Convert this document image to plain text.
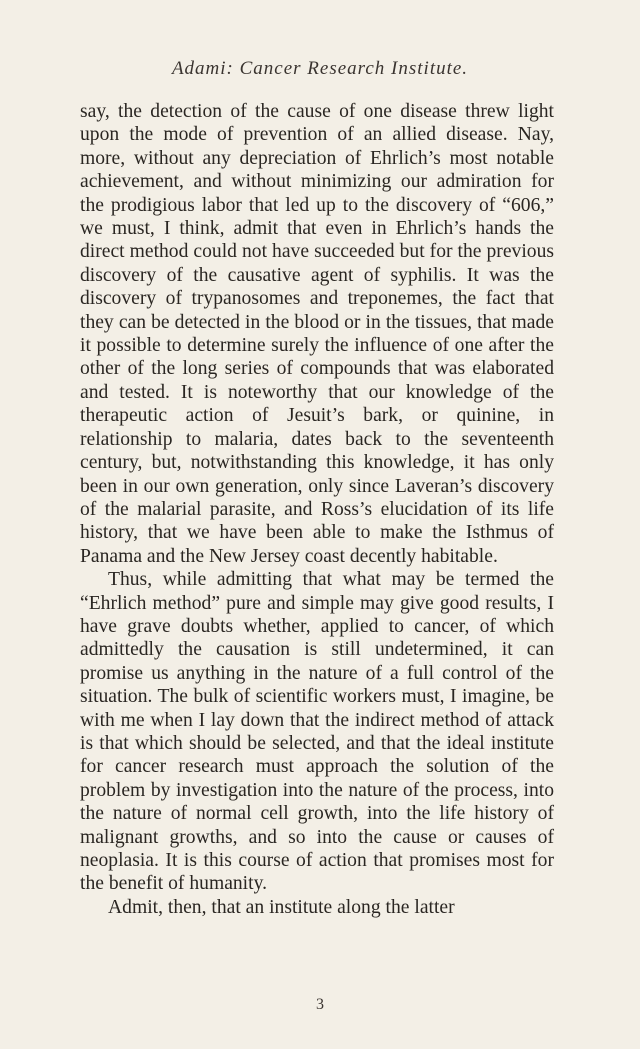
Adami: Cancer Research Institute.

say, the detection of the cause of one disease threw light upon the mode of prevention of an allied disease. Nay, more, without any depreciation of Ehrlich’s most notable achievement, and without minimizing our admiration for the prodigious labor that led up to the discovery of “606,” we must, I think, admit that even in Ehrlich’s hands the direct method could not have succeeded but for the previous discovery of the causative agent of syphilis. It was the discovery of trypanosomes and treponemes, the fact that they can be detected in the blood or in the tissues, that made it possible to determine surely the influence of one after the other of the long series of compounds that was elaborated and tested. It is noteworthy that our knowledge of the therapeutic action of Jesuit’s bark, or quinine, in relationship to malaria, dates back to the seventeenth century, but, notwithstanding this knowledge, it has only been in our own generation, only since Laveran’s discovery of the malarial parasite, and Ross’s elucidation of its life history, that we have been able to make the Isthmus of Panama and the New Jersey coast decently habitable.

Thus, while admitting that what may be termed the “Ehrlich method” pure and simple may give good results, I have grave doubts whether, applied to cancer, of which admittedly the causation is still undetermined, it can promise us anything in the nature of a full control of the situation. The bulk of scientific workers must, I imagine, be with me when I lay down that the indirect method of attack is that which should be selected, and that the ideal institute for cancer research must approach the solution of the problem by investigation into the nature of the process, into the nature of normal cell growth, into the life history of malignant growths, and so into the cause or causes of neoplasia. It is this course of action that promises most for the benefit of humanity.

Admit, then, that an institute along the latter

3
